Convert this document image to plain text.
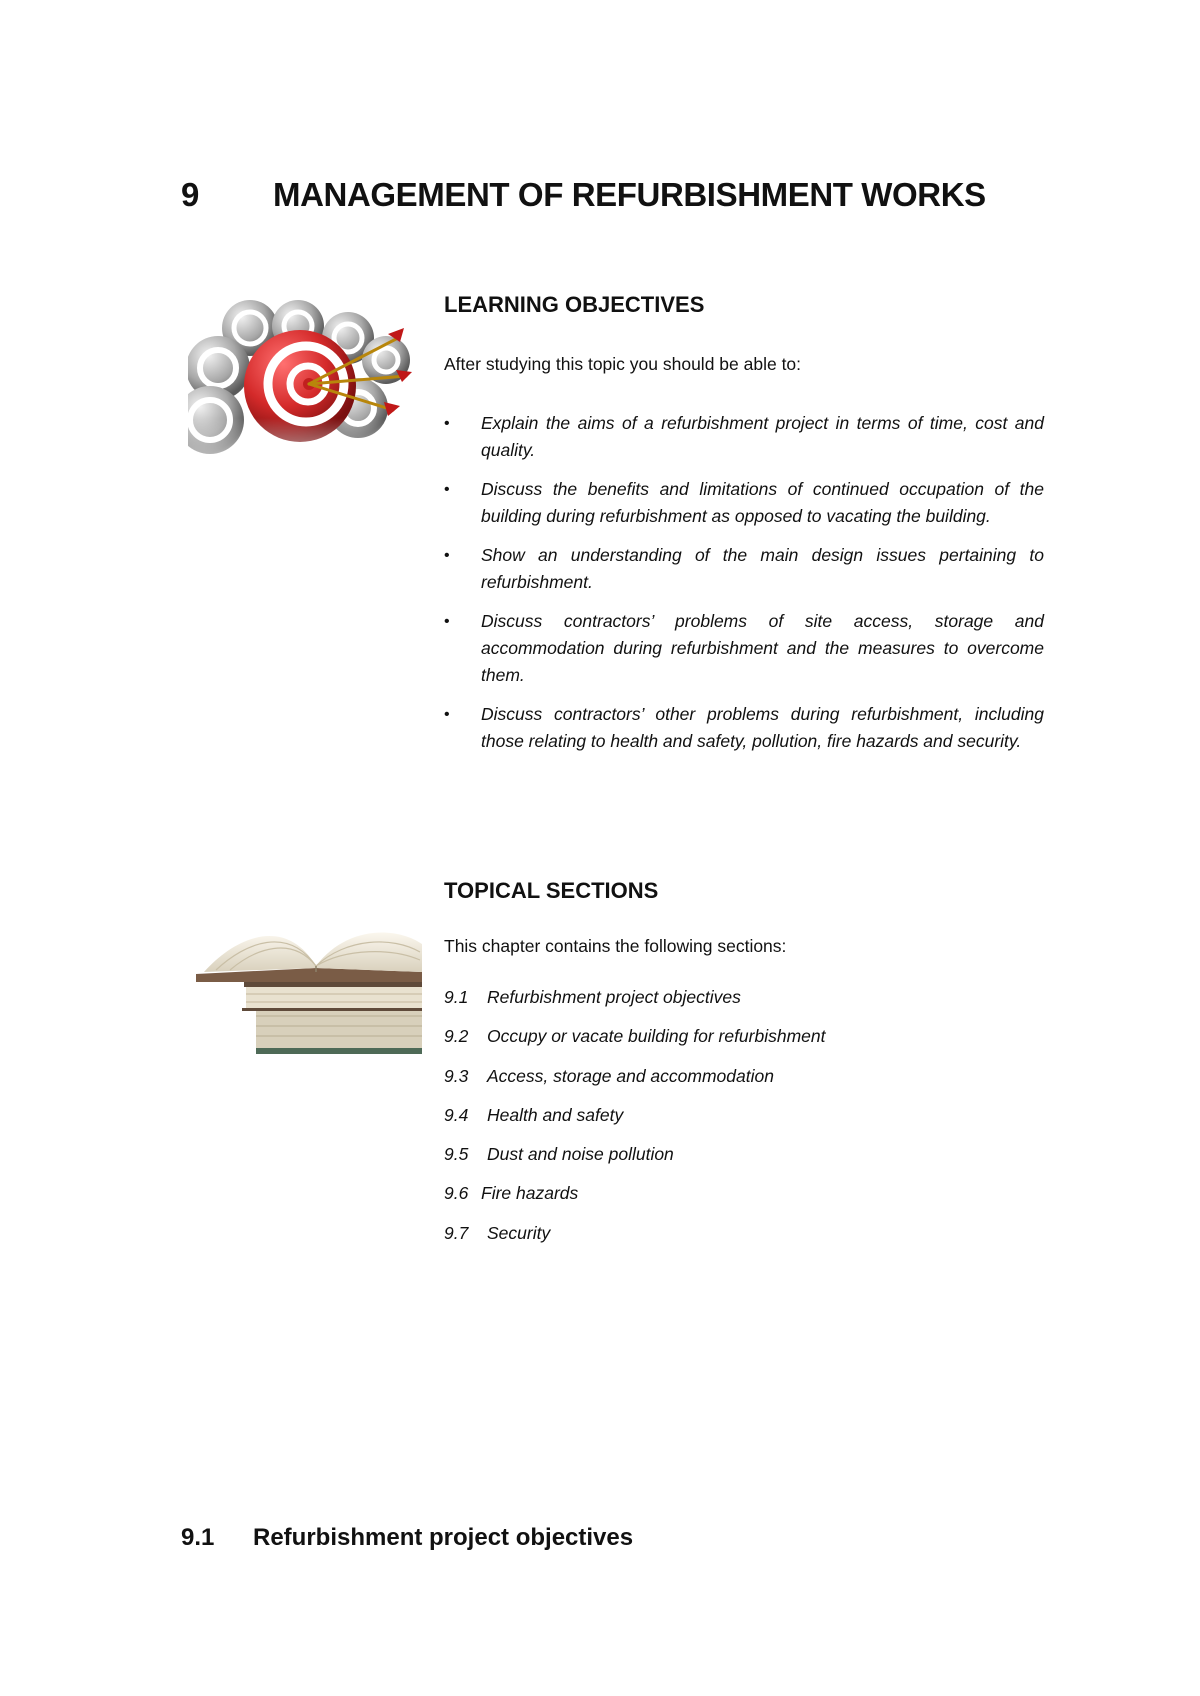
9	MANAGEMENT OF REFURBISHMENT WORKS
LEARNING OBJECTIVES

After studying this topic you should be able to:

• Explain the aims of a refurbishment project in terms of time, cost and quality.
• Discuss the benefits and limitations of continued occupation of the building during refurbishment as opposed to vacating the building.
• Show an understanding of the main design issues pertaining to refurbishment.
• Discuss contractors’ problems of site access, storage and accommodation during refurbishment and the measures to overcome them.
• Discuss contractors’ other problems during refurbishment, including those relating to health and safety, pollution, fire hazards and security.
TOPICAL SECTIONS

This chapter contains the following sections:

9.1 Refurbishment project objectives
9.2 Occupy or vacate building for refurbishment
9.3 Access, storage and accommodation
9.4 Health and safety
9.5 Dust and noise pollution
9.6 Fire hazards
9.7 Security
9.1	Refurbishment project objectives
